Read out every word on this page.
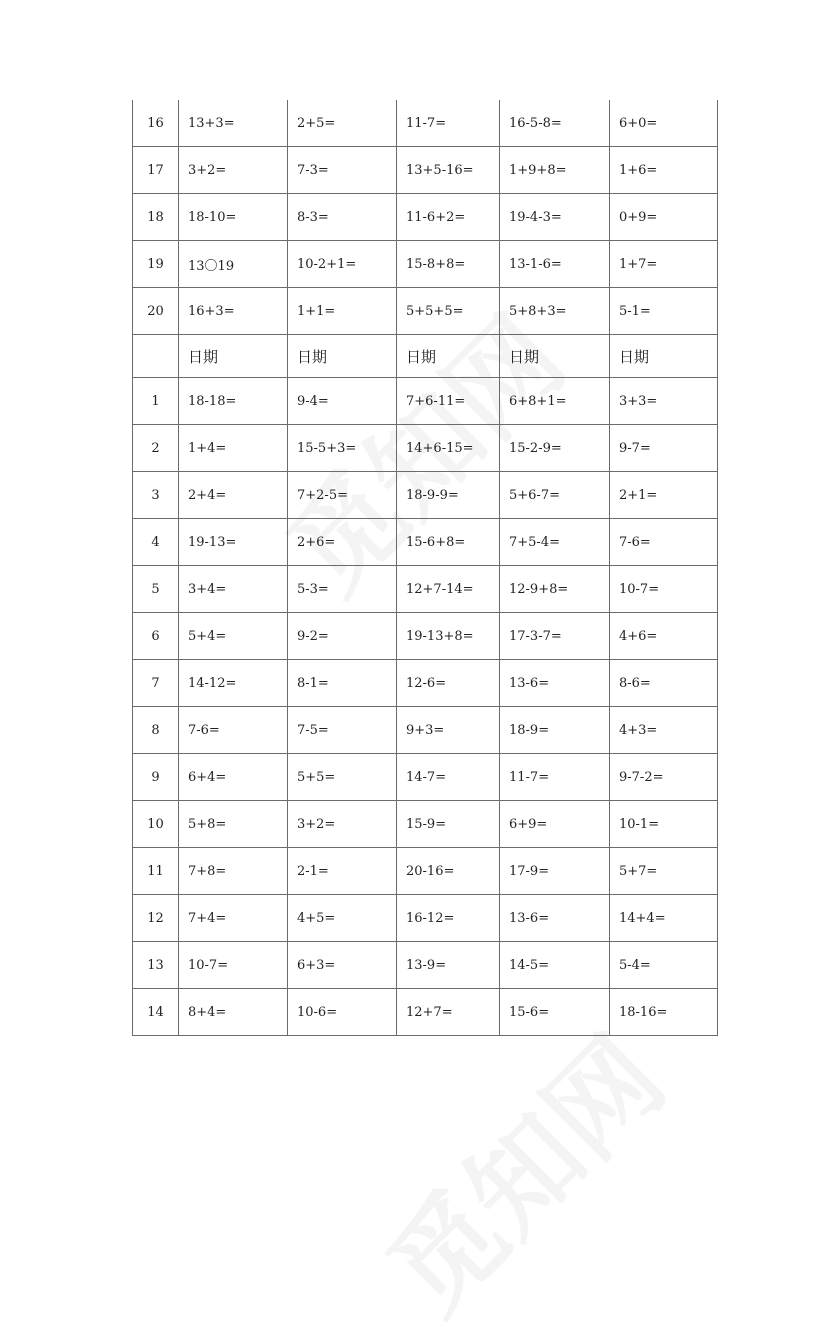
16	13+3=	2+5=	11-7=	16-5-8=	6+0=
17	3+2=	7-3=	13+5-16=	1+9+8=	1+6=
18	18-10=	8-3=	11-6+2=	19-4-3=	0+9=
19	13〇19	10-2+1=	15-8+8=	13-1-6=	1+7=
20	16+3=	1+1=	5+5+5=	5+8+3=	5-1=
	日期	日期	日期	日期	日期
1	18-18=	9-4=	7+6-11=	6+8+1=	3+3=
2	1+4=	15-5+3=	14+6-15=	15-2-9=	9-7=
3	2+4=	7+2-5=	18-9-9=	5+6-7=	2+1=
4	19-13=	2+6=	15-6+8=	7+5-4=	7-6=
5	3+4=	5-3=	12+7-14=	12-9+8=	10-7=
6	5+4=	9-2=	19-13+8=	17-3-7=	4+6=
7	14-12=	8-1=	12-6=	13-6=	8-6=
8	7-6=	7-5=	9+3=	18-9=	4+3=
9	6+4=	5+5=	14-7=	11-7=	9-7-2=
10	5+8=	3+2=	15-9=	6+9=	10-1=
11	7+8=	2-1=	20-16=	17-9=	5+7=
12	7+4=	4+5=	16-12=	13-6=	14+4=
13	10-7=	6+3=	13-9=	14-5=	5-4=
14	8+4=	10-6=	12+7=	15-6=	18-16=
